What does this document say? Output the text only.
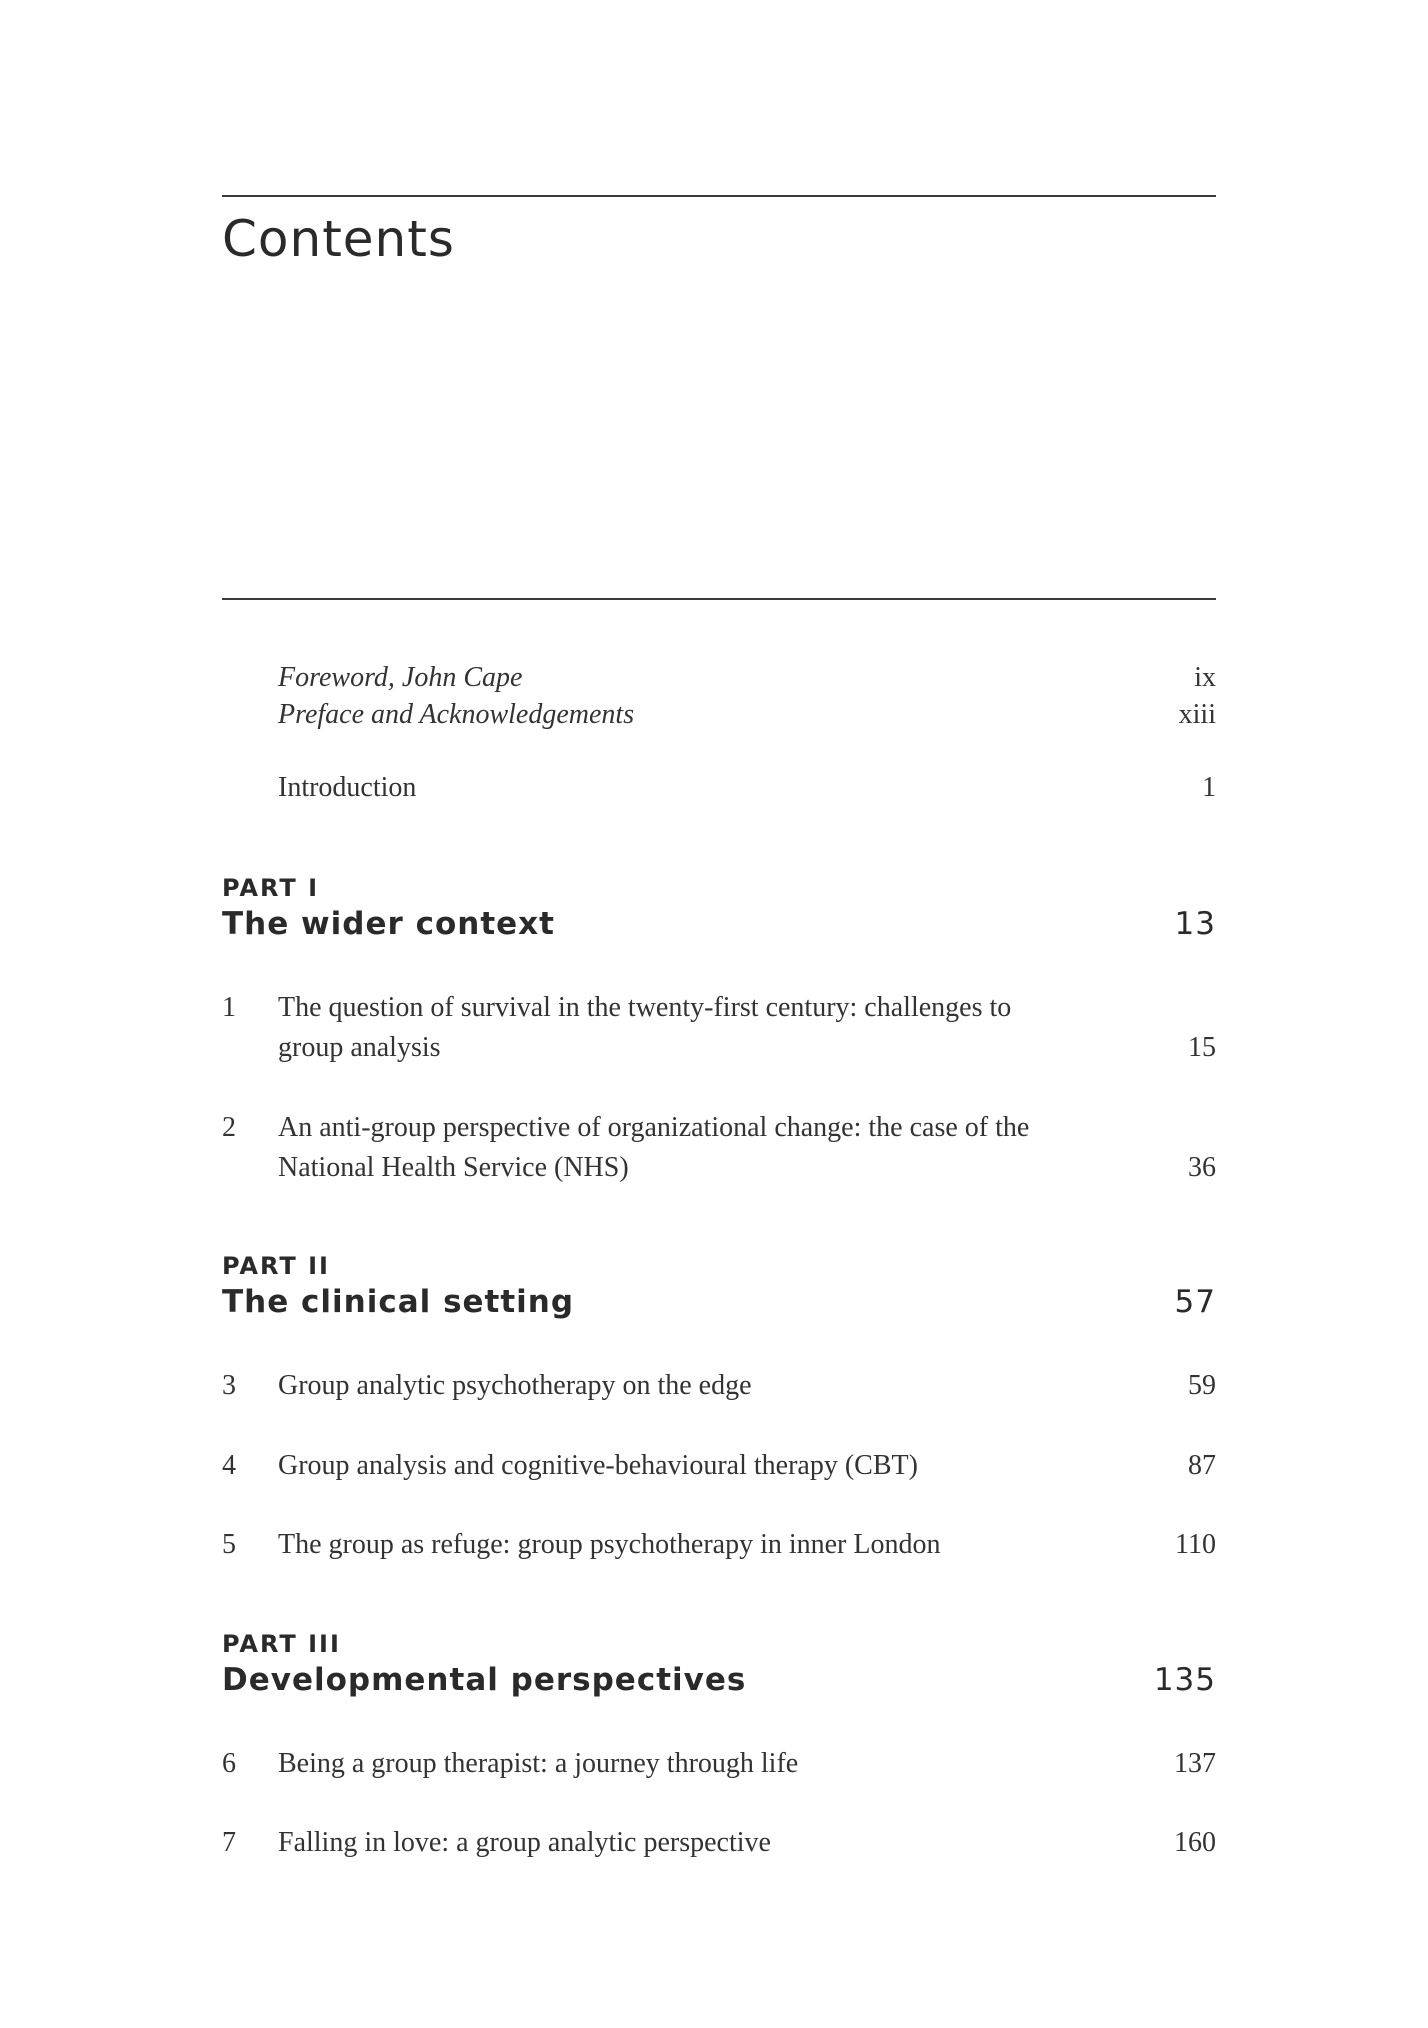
Contents
Foreword, John Cape	ix
Preface and Acknowledgements	xiii
Introduction	1
PART I
The wider context	13
1 The question of survival in the twenty-first century: challenges to group analysis	15
2 An anti-group perspective of organizational change: the case of the National Health Service (NHS)	36
PART II
The clinical setting	57
3 Group analytic psychotherapy on the edge	59
4 Group analysis and cognitive-behavioural therapy (CBT)	87
5 The group as refuge: group psychotherapy in inner London	110
PART III
Developmental perspectives	135
6 Being a group therapist: a journey through life	137
7 Falling in love: a group analytic perspective	160
